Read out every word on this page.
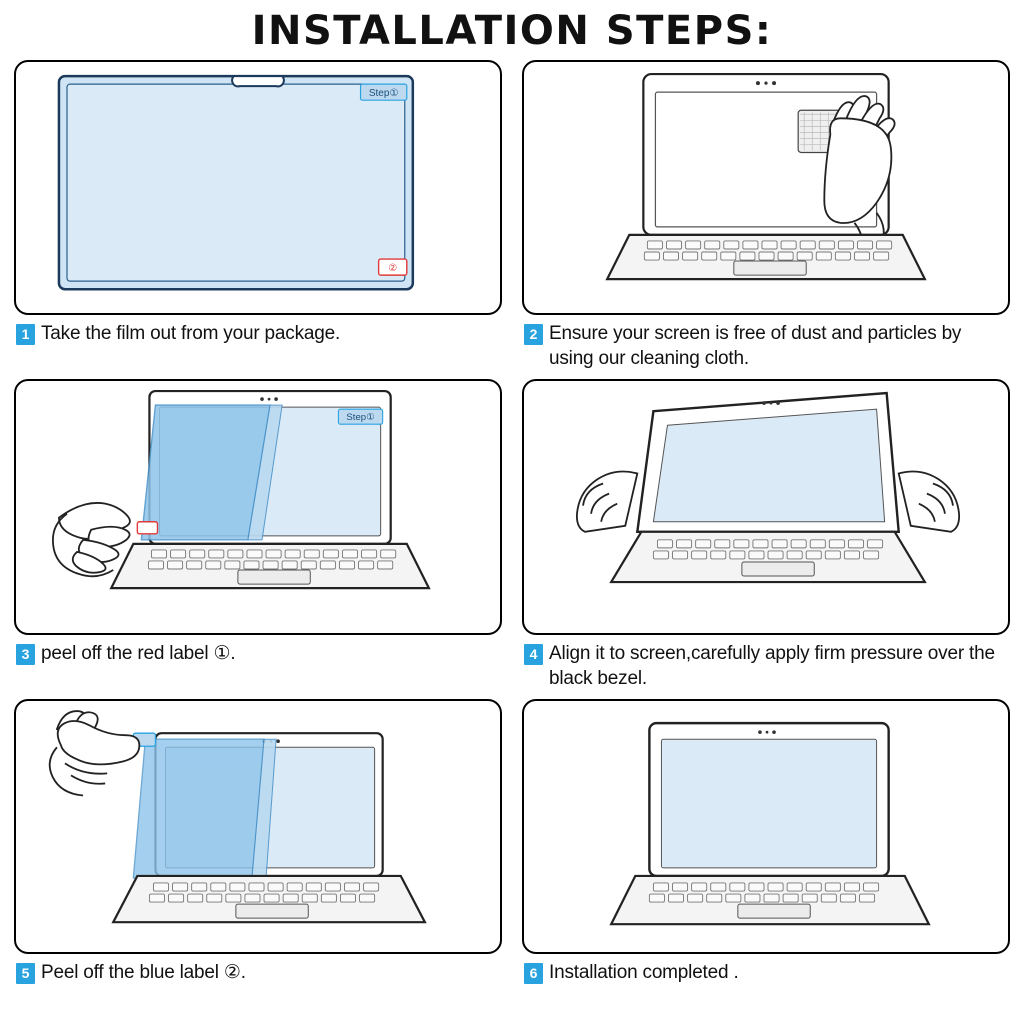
INSTALLATION STEPS:
Step①
②
1 Take the film out from your package.	2 Ensure your screen is free of dust and particles by using our cleaning cloth.
Step①
3 peel off the red label ①.	4 Align it to screen,carefully apply firm pressure over the black bezel.
5 Peel off the blue label ②.	6 Installation completed .
